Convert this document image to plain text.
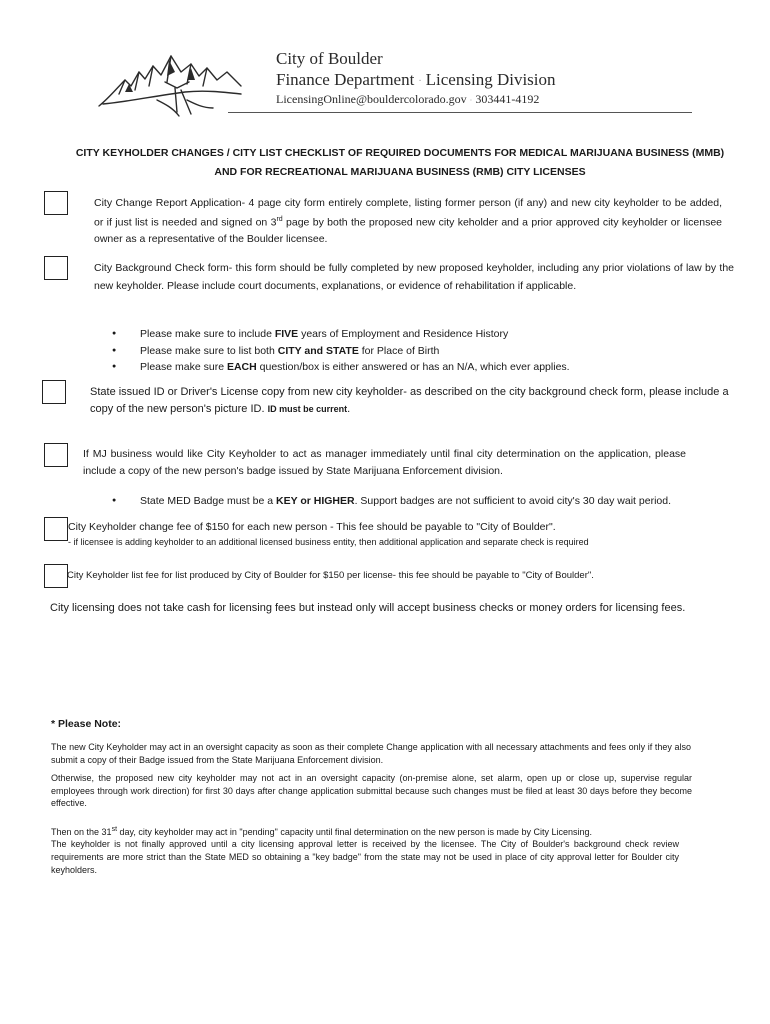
City of Boulder
Finance Department · Licensing Division
LicensingOnline@bouldercolorado.gov · 303441-4192
CITY KEYHOLDER CHANGES / CITY LIST CHECKLIST OF REQUIRED DOCUMENTS FOR MEDICAL MARIJUANA BUSINESS (MMB)
AND FOR RECREATIONAL MARIJUANA BUSINESS (RMB) CITY LICENSES
City Change Report Application- 4 page city form entirely complete, listing former person (if any) and new city keyholder to be added, or if just list is needed and signed on 3rd page by both the proposed new city keholder and a prior approved city keyholder or licensee owner as a representative of the Boulder licensee.
City Background Check form- this form should be fully completed by new proposed keyholder, including any prior violations of law by the new keyholder. Please include court documents, explanations, or evidence of rehabilitation if applicable.
● Please make sure to include FIVE years of Employment and Residence History
● Please make sure to list both CITY and STATE for Place of Birth
● Please make sure EACH question/box is either answered or has an N/A, which ever applies.
State issued ID or Driver's License copy from new city keyholder- as described on the city background check form, please include a copy of the new person's picture ID. ID must be current.
If MJ business would like City Keyholder to act as manager immediately until final city determination on the application, please include a copy of the new person's badge issued by State Marijuana Enforcement division.
● State MED Badge must be a KEY or HIGHER. Support badges are not sufficient to avoid city's 30 day wait period.
City Keyholder change fee of $150 for each new person - This fee should be payable to "City of Boulder".
- if licensee is adding keyholder to an additional licensed business entity, then additional application and separate check is required
City Keyholder list fee for list produced by City of Boulder for $150 per license- this fee should be payable to "City of Boulder".
City licensing does not take cash for licensing fees but instead only will accept business checks or money orders for licensing fees.
* Please Note:
The new City Keyholder may act in an oversight capacity as soon as their complete Change application with all necessary attachments and fees only if they also submit a copy of their Badge issued from the State Marijuana Enforcement division.
Otherwise, the proposed new city keyholder may not act in an oversight capacity (on-premise alone, set alarm, open up or close up, supervise regular employees through work direction) for first 30 days after change application submittal because such changes must be filed at least 30 days before they become effective.
Then on the 31st day, city keyholder may act in "pending" capacity until final determination on the new person is made by City Licensing.
The keyholder is not finally approved until a city licensing approval letter is received by the licensee. The City of Boulder's background check review requirements are more strict than the State MED so obtaining a "key badge" from the state may not be used in place of city approval letter for Boulder city keyholders.
